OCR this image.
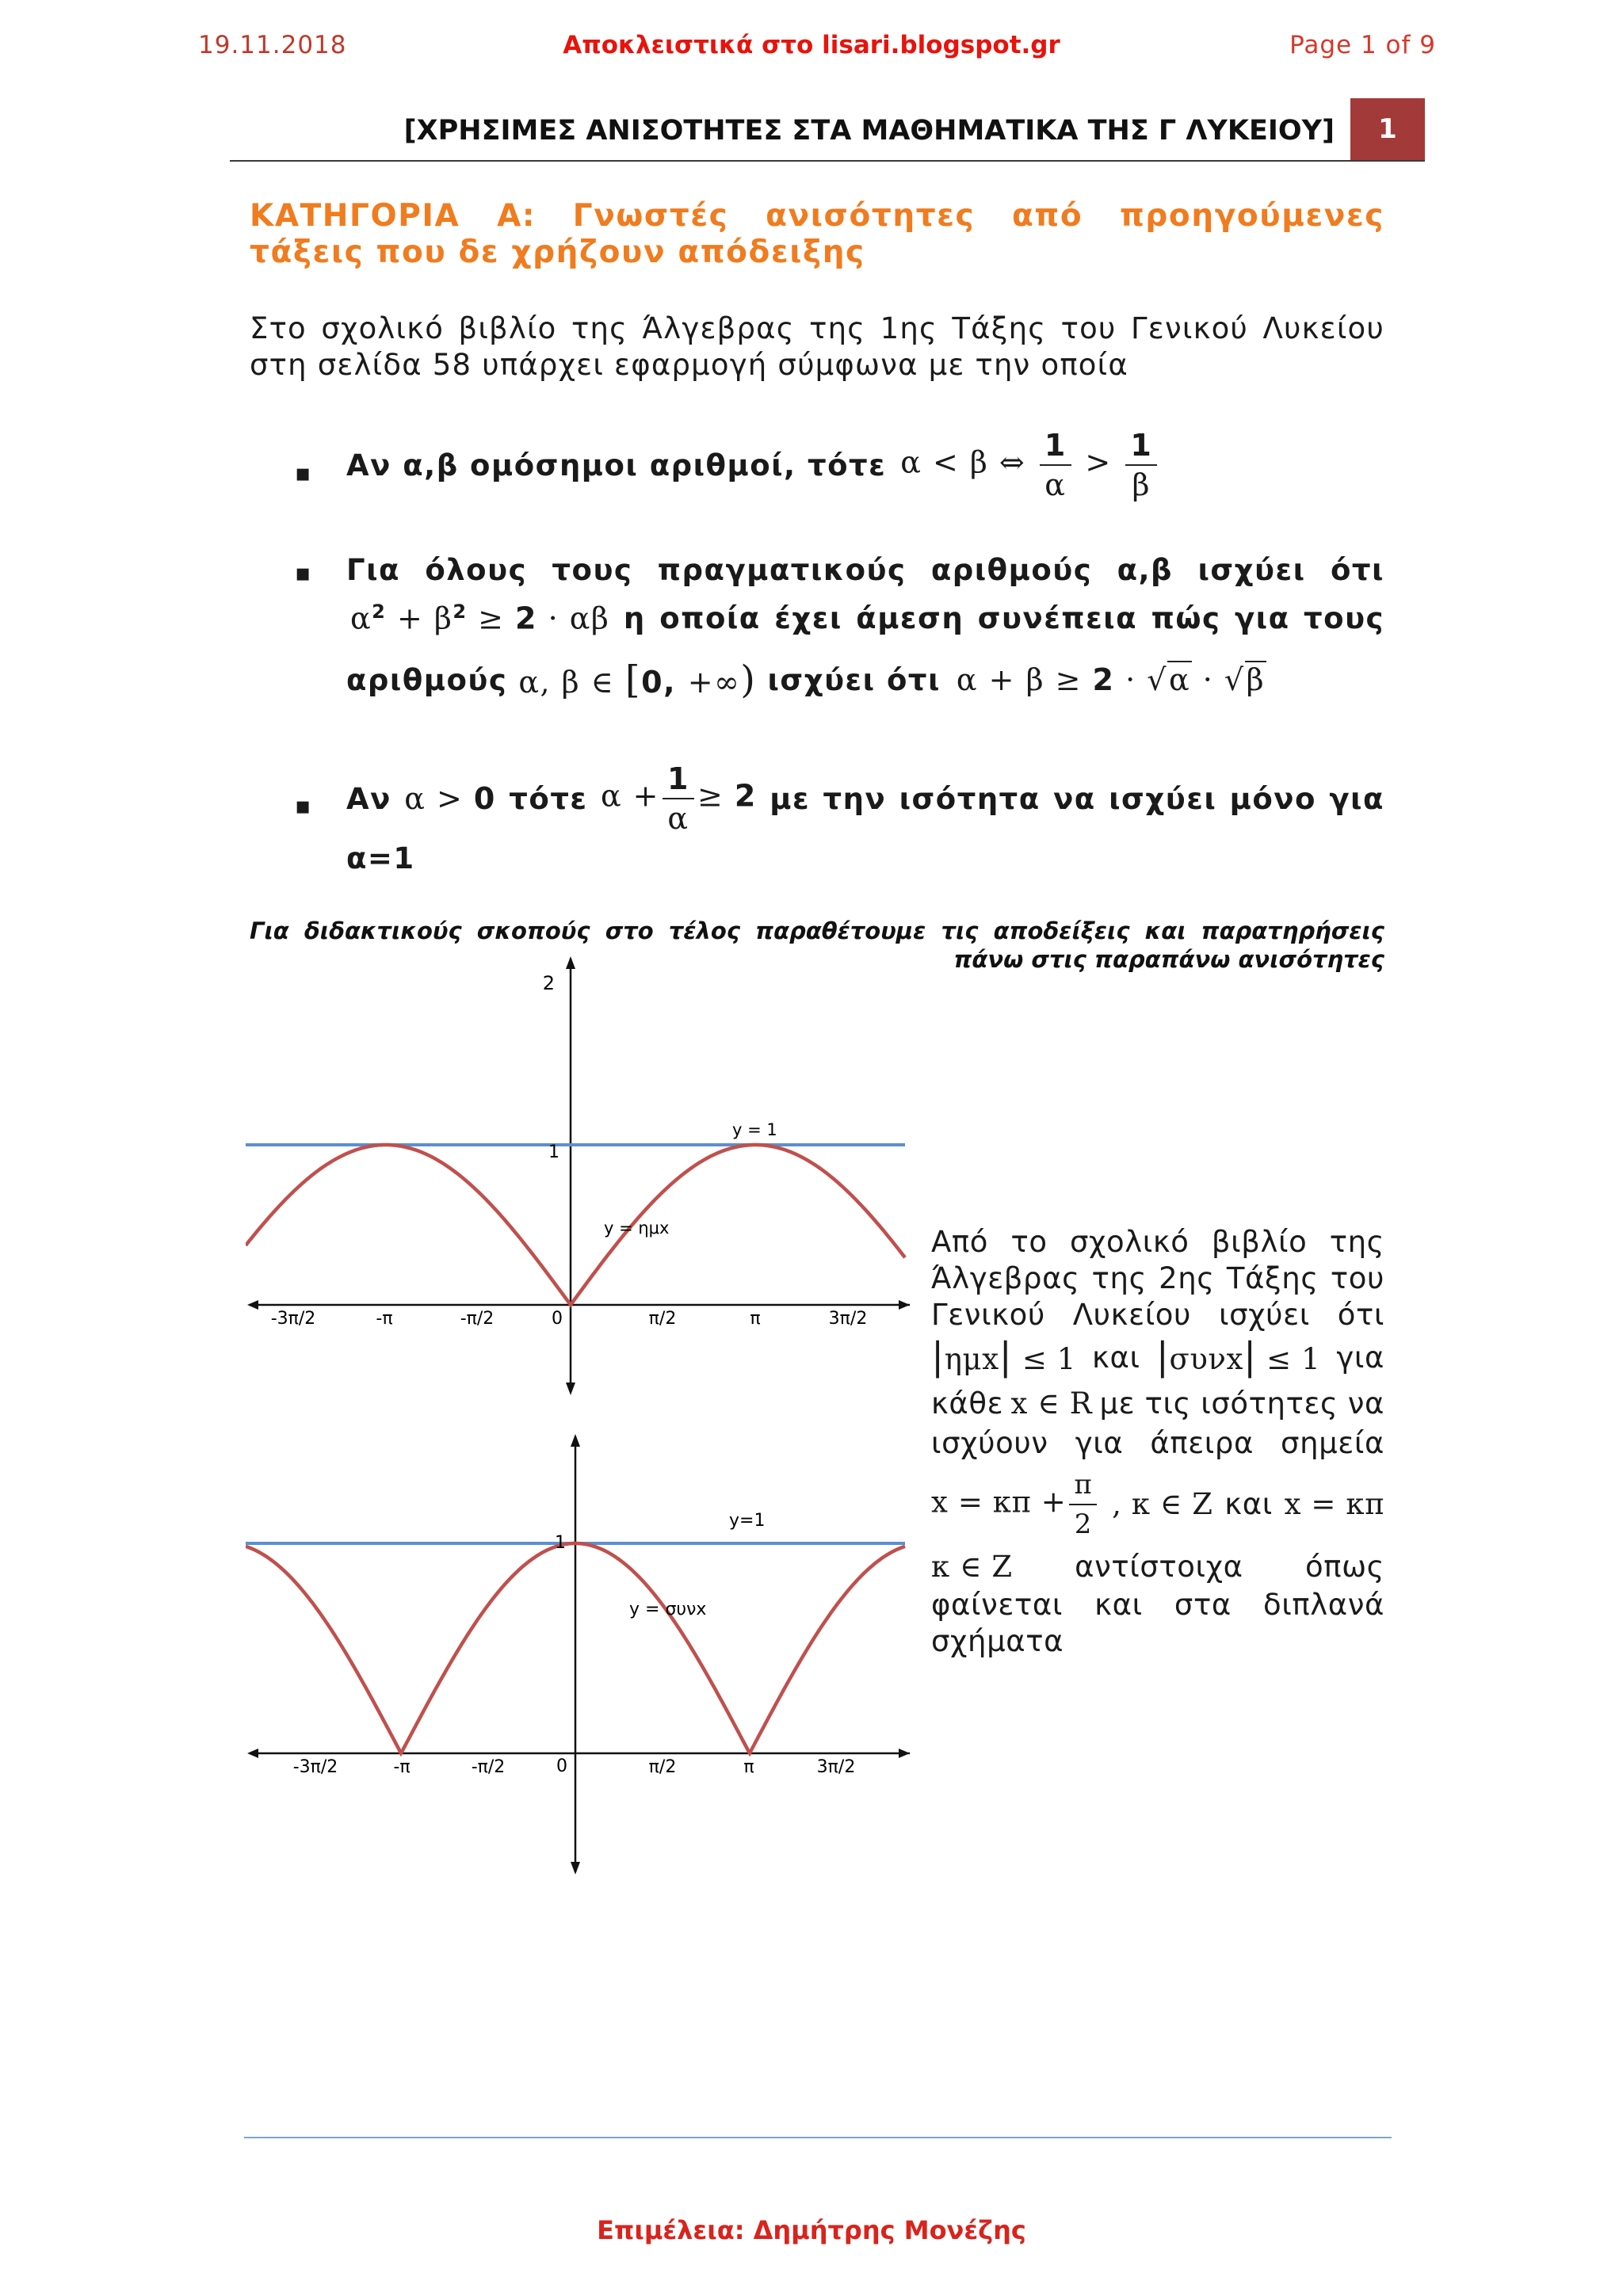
19.11.2018	Αποκλειστικά στο lisari.blogspot.gr	Page 1 of 9
[ΧΡΗΣΙΜΕΣ ΑΝΙΣΟΤΗΤΕΣ ΣΤΑ ΜΑΘΗΜΑΤΙΚΑ ΤΗΣ Γ ΛΥΚΕΙΟΥ]	1
ΚΑΤΗΓΟΡΙΑ Α: Γνωστές ανισότητες από προηγούμενες τάξεις που δε χρήζουν απόδειξης
Στο σχολικό βιβλίο της Άλγεβρας της 1ης Τάξης του Γενικού Λυκείου στη σελίδα 58 υπάρχει εφαρμογή σύμφωνα με την οποία
▪ Αν α,β ομόσημοι αριθμοί, τότε α < β ⇔ $\frac{1}{\alpha} > \frac{1}{\beta}$
▪ Για όλους τους πραγματικούς αριθμούς α,β ισχύει ότι
$\alpha^2 + \beta^2 \ge 2 \cdot \alpha\beta$ η οποία έχει άμεση συνέπεια πώς για τους
αριθμούς α, β ∈ [0, +∞) ισχύει ότι α + β ≥ 2 · √α · √β
▪ Αν α > 0 τότε $\alpha + \frac{1}{\alpha} \ge 2$ με την ισότητα να ισχύει μόνο για
α=1
Για διδακτικούς σκοπούς στο τέλος παραθέτουμε τις αποδείξεις και παρατηρήσεις πάνω στις παραπάνω ανισότητες
2
1
0
-3π/2	-π	-π/2	π/2	π	3π/2
y = 1
y = ημx
1
0
-3π/2	-π	-π/2	π/2	π	3π/2
y=1
y = συνx
Από το σχολικό βιβλίο της
Άλγεβρας της 2ης Τάξης του
Γενικού Λυκείου ισχύει ότι
|ημx| ≤ 1 και |συνx| ≤ 1 για
κάθε x ∈ R με τις ισότητες να
ισχύουν για άπειρα σημεία
$x = \kappa\pi + \frac{\pi}{2}$ , κ ∈ Z και x = κπ
κ ∈ Z αντίστοιχα όπως
φαίνεται και στα διπλανά
σχήματα
Επιμέλεια: Δημήτρης Μονέζης
